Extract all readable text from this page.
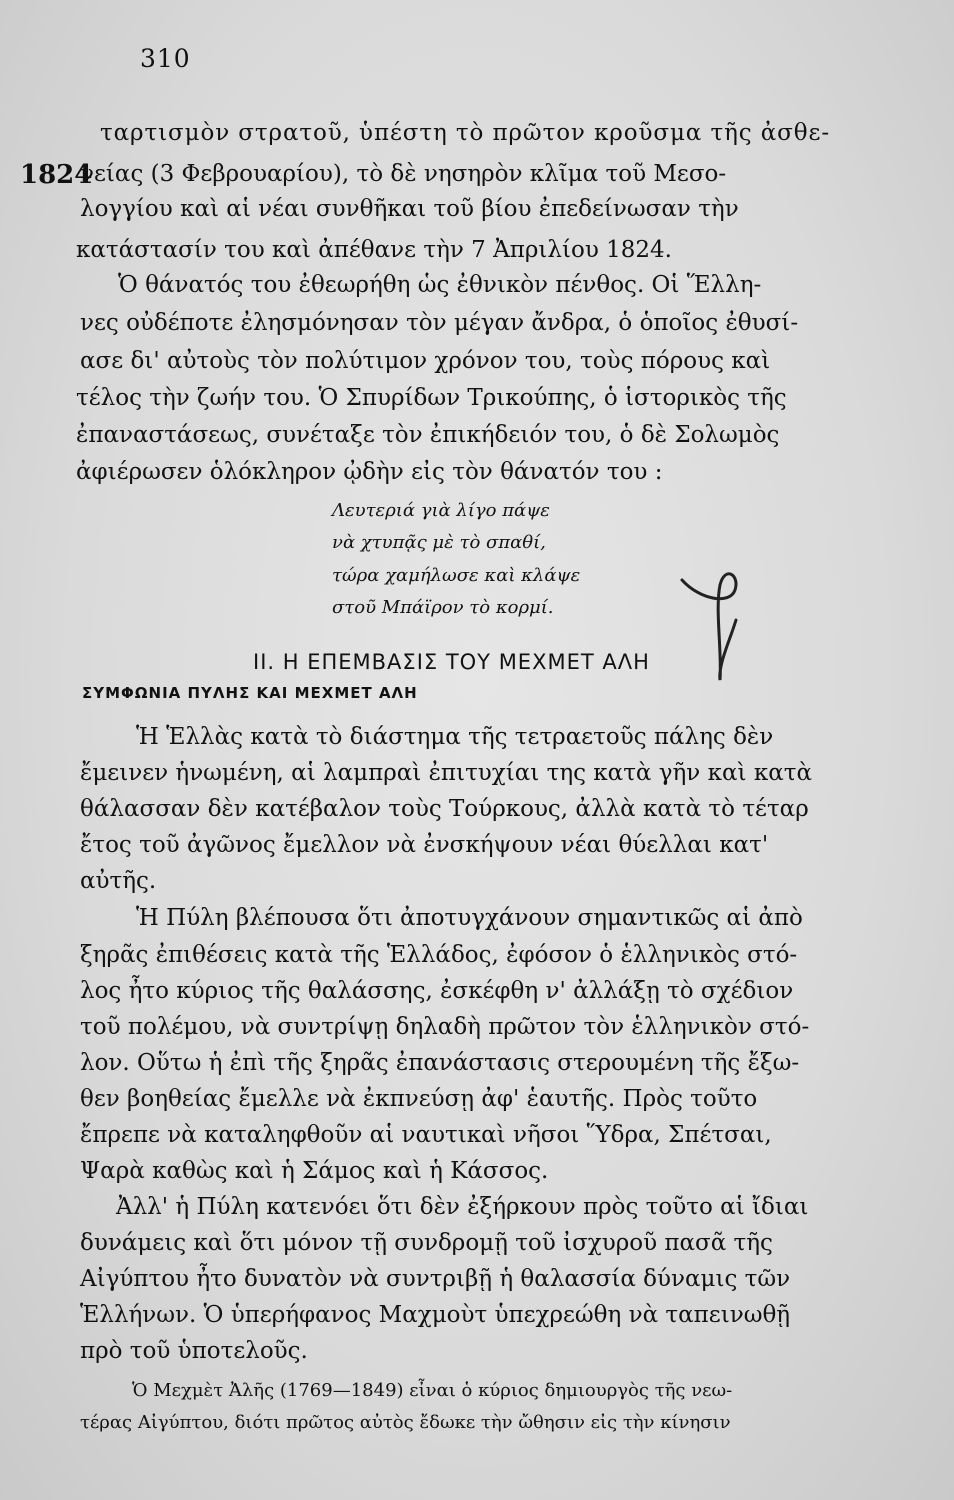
310
1824
ταρτισμὸν στρατοῦ, ὑπέστη τὸ πρῶτον κροῦσμα τῆς ἀσθε-
νείας (3 Φεβρουαρίου), τὸ δὲ νησηρὸν κλῖμα τοῦ Μεσο-
λογγίου καὶ αἱ νέαι συνθῆκαι τοῦ βίου ἐπεδείνωσαν τὴν
κατάστασίν του καὶ ἀπέθανε τὴν 7 Ἀπριλίου 1824.
Ὁ θάνατός του ἐθεωρήθη ὡς ἐθνικὸν πένθος. Οἱ Ἕλλη-
νες οὐδέποτε ἐλησμόνησαν τὸν μέγαν ἄνδρα, ὁ ὁποῖος ἐθυσί-
ασε δι' αὐτοὺς τὸν πολύτιμον χρόνον του, τοὺς πόρους καὶ
τέλος τὴν ζωήν του. Ὁ Σπυρίδων Τρικούπης, ὁ ἱστορικὸς τῆς
ἐπαναστάσεως, συνέταξε τὸν ἐπικήδειόν του, ὁ δὲ Σολωμὸς
ἀφιέρωσεν ὁλόκληρον ᾠδὴν εἰς τὸν θάνατόν του :
Λευτεριά γιὰ λίγο πάψε
νὰ χτυπᾷς μὲ τὸ σπαθί,
τώρα χαμήλωσε καὶ κλάψε
στοῦ Μπάϊρον τὸ κορμί.
II. Η ΕΠΕΜΒΑΣΙΣ ΤΟΥ ΜΕΧΜΕΤ ΑΛΗ
ΣΥΜΦΩΝΙΑ ΠΥΛΗΣ ΚΑΙ ΜΕΧΜΕΤ ΑΛΗ
Ἡ Ἑλλὰς κατὰ τὸ διάστημα τῆς τετραετοῦς πάλης δὲν
ἔμεινεν ἡνωμένη, αἱ λαμπραὶ ἐπιτυχίαι της κατὰ γῆν καὶ κατὰ
θάλασσαν δὲν κατέβαλον τοὺς Τούρκους, ἀλλὰ κατὰ τὸ τέταρ
ἔτος τοῦ ἀγῶνος ἔμελλον νὰ ἐνσκήψουν νέαι θύελλαι κατ'
αὐτῆς.
Ἡ Πύλη βλέπουσα ὅτι ἀποτυγχάνουν σημαντικῶς αἱ ἀπὸ
ξηρᾶς ἐπιθέσεις κατὰ τῆς Ἑλλάδος, ἐφόσον ὁ ἑλληνικὸς στό-
λος ἦτο κύριος τῆς θαλάσσης, ἐσκέφθη ν' ἀλλάξῃ τὸ σχέδιον
τοῦ πολέμου, νὰ συντρίψῃ δηλαδὴ πρῶτον τὸν ἑλληνικὸν στό-
λον. Οὕτω ἡ ἐπὶ τῆς ξηρᾶς ἐπανάστασις στερουμένη τῆς ἔξω-
θεν βοηθείας ἔμελλε νὰ ἐκπνεύσῃ ἀφ' ἑαυτῆς. Πρὸς τοῦτο
ἔπρεπε νὰ καταληφθοῦν αἱ ναυτικαὶ νῆσοι Ὕδρα, Σπέτσαι,
Ψαρὰ καθὼς καὶ ἡ Σάμος καὶ ἡ Κάσσος.
Ἀλλ' ἡ Πύλη κατενόει ὅτι δὲν ἐξήρκουν πρὸς τοῦτο αἱ ἴδιαι
δυνάμεις καὶ ὅτι μόνον τῇ συνδρομῇ τοῦ ἰσχυροῦ πασᾶ τῆς
Αἰγύπτου ἦτο δυνατὸν νὰ συντριβῇ ἡ θαλασσία δύναμις τῶν
Ἑλλήνων. Ὁ ὑπερήφανος Μαχμοὺτ ὑπεχρεώθη νὰ ταπεινωθῇ
πρὸ τοῦ ὑποτελοῦς.
Ὁ Μεχμὲτ Ἀλῆς (1769—1849) εἶναι ὁ κύριος δημιουργὸς τῆς νεω-
τέρας Αἰγύπτου, διότι πρῶτος αὐτὸς ἔδωκε τὴν ὤθησιν εἰς τὴν κίνησιν
